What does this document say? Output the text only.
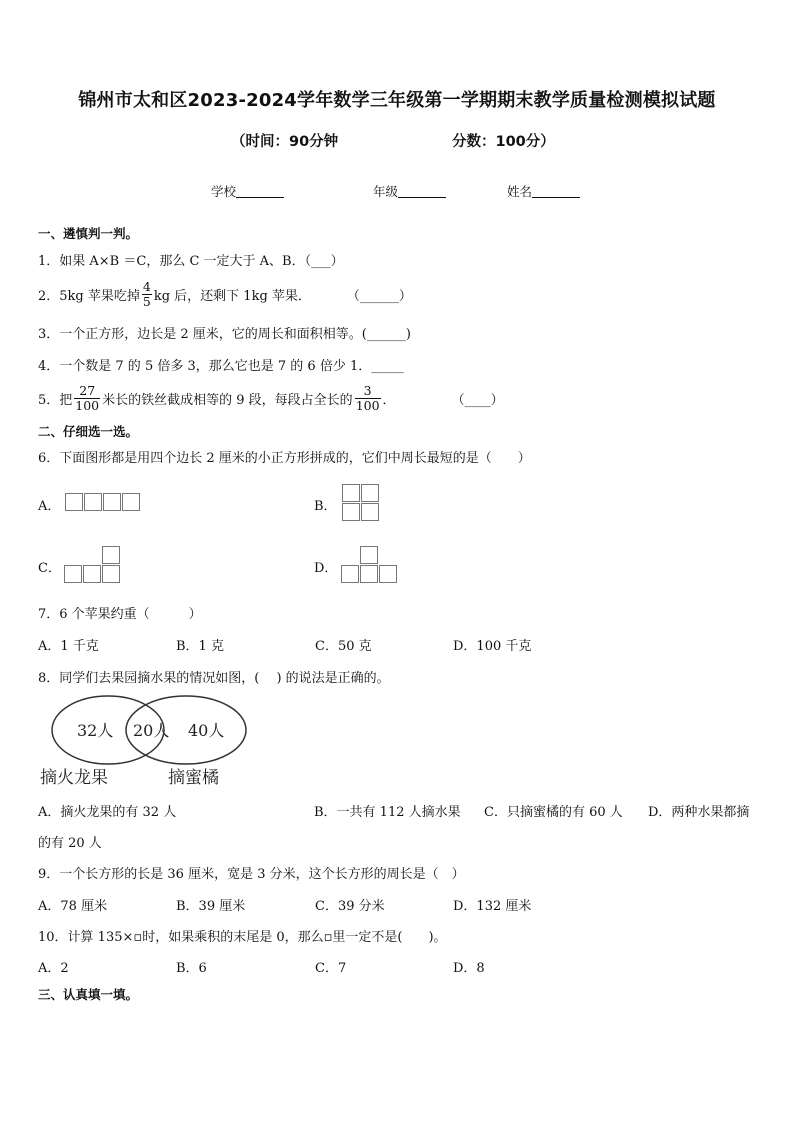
锦州市太和区2023-2024学年数学三年级第一学期期末教学质量检测模拟试题
（时间：90分钟	分数：100分）
学校	年级	姓名
一、遴慎判一判。
1．如果 A×B ＝C，那么 C 一定大于 A、B．（___）
2．5kg 苹果吃掉 $\frac{4}{5}$ kg 后，还剩下 1kg 苹果．	（______）
3．一个正方形，边长是 2 厘米，它的周长和面积相等。(______)
4．一个数是 7 的 5 倍多 3，那么它也是 7 的 6 倍少 1．_____
5．把 $\frac{27}{100}$ 米长的铁丝截成相等的 9 段，每段占全长的 $\frac{3}{100}$ ．	（____）
二、仔细选一选。
6．下面图形都是用四个边长 2 厘米的小正方形拼成的，它们中周长最短的是（　　）
A．	B．
C．	D．
7．6 个苹果约重（　　　）
A．1 千克	B．1 克	C．50 克	D．100 千克
8．同学们去果园摘水果的情况如图，(　 ) 的说法是正确的。
32人 20人 40人
摘火龙果	摘蜜橘
A．摘火龙果的有 32 人	B．一共有 112 人摘水果 C．只摘蜜橘的有 60 人 D．两种水果都摘
的有 20 人
9．一个长方形的长是 36 厘米，宽是 3 分米，这个长方形的周长是（　）
A．78 厘米	B．39 厘米	C．39 分米	D．132 厘米
10．计算 135×▫时，如果乘积的末尾是 0，那么▫里一定不是(　　)。
A．2	B．6	C．7	D．8
三、认真填一填。
